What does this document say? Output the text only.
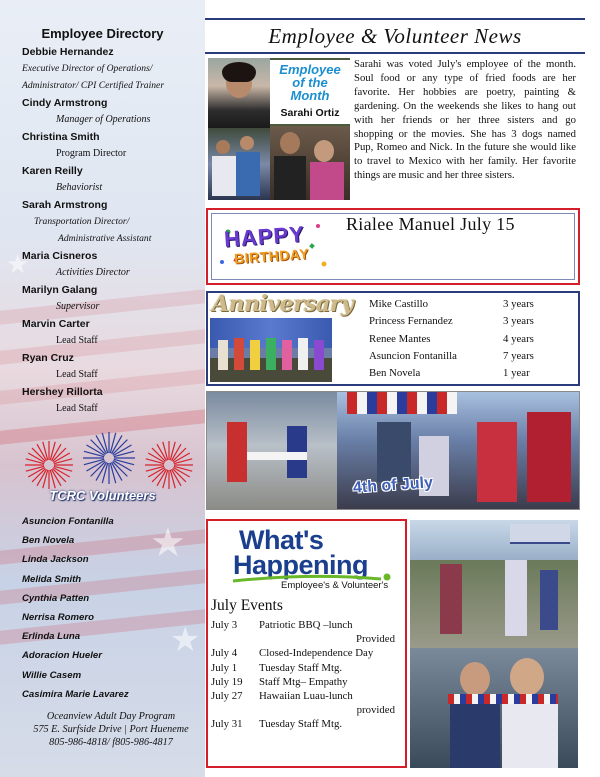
★
★
★
Employee Directory
Debbie Hernandez
Executive Director of Operations/
Administrator/ CPI Certified Trainer
Cindy Armstrong
Manager of Operations
Christina Smith
Program Director
Karen Reilly
Behaviorist
Sarah Armstrong
Transportation Director/
Administrative Assistant
Maria Cisneros
Activities Director
Marilyn Galang
Supervisor
Marvin Carter
Lead Staff
Ryan Cruz
Lead Staff
Hershey Rillorta
Lead Staff
TCRC Volunteers
Asuncion Fontanilla
Ben Novela
Linda Jackson
Melida Smith
Cynthia Patten
Nerrisa Romero
Erlinda Luna
Adoracion Hueler
Willie Casem
Casimira Marie Lavarez
Oceanview Adult Day Program
575 E. Surfside Drive | Port Hueneme
805-986-4818/ f805-986-4817
Employee & Volunteer News
Employee
of the
Month
Sarahi Ortiz
Sarahi was voted July's employee of the month. Soul food or any type of fried foods are her favorite. Her hobbies are poetry, painting & gardening. On the weekends she likes to hang out with her friends or her three sisters and go shopping or the movies. She has 3 dogs named Pup, Romeo and Nick. In the future she would like to travel to Mexico with her family. Her favorite things are music and her three sisters.
HAPPY
BIRTHDAY
Rialee Manuel July 15
Anniversary	Mike Castillo
Princess Fernandez
Renee Mantes
Asuncion Fontanilla
Ben Novela
3 years
3 years
4 years
7 years
1 year
4th of July
What's
Happening
Employee's & Volunteer's
July Events
July 3 Patriotic BBQ –lunch
Provided
July 4 Closed-Independence Day
July 1 Tuesday Staff Mtg.
July 19 Staff Mtg– Empathy
July 27 Hawaiian Luau-lunch
provided
July 31 Tuesday Staff Mtg.
